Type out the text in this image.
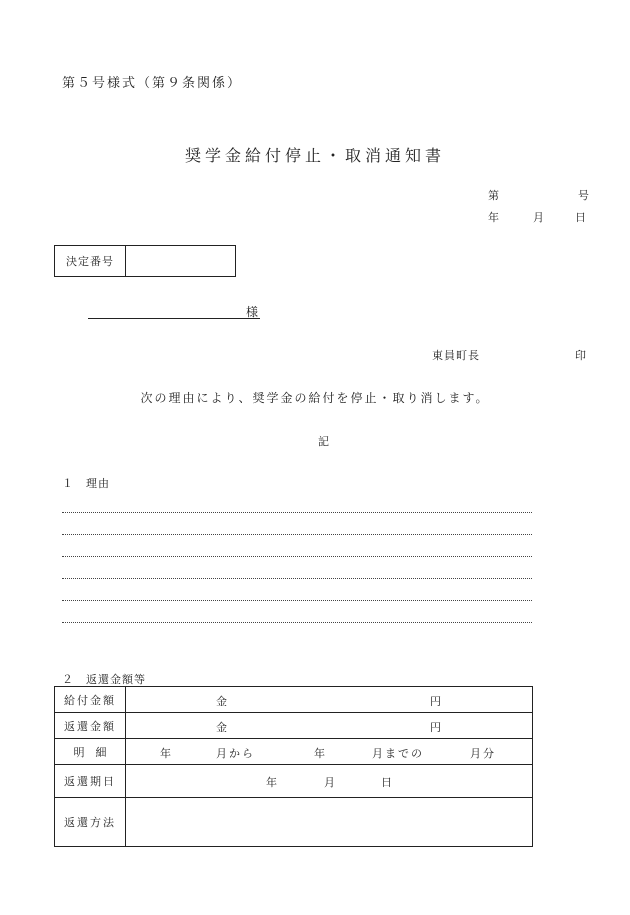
第５号様式（第９条関係）
奨学金給付停止・取消通知書
第	号
年	月	日
決定番号
様
東員町長	印
次の理由により、奨学金の給付を停止・取り消します。
記
１　理由
２　返還金額等
給付金額	金 円

返還金額	金 円

明　細	年 月から 年 月までの 月分

返還期日	年 月 日

返還方法	
